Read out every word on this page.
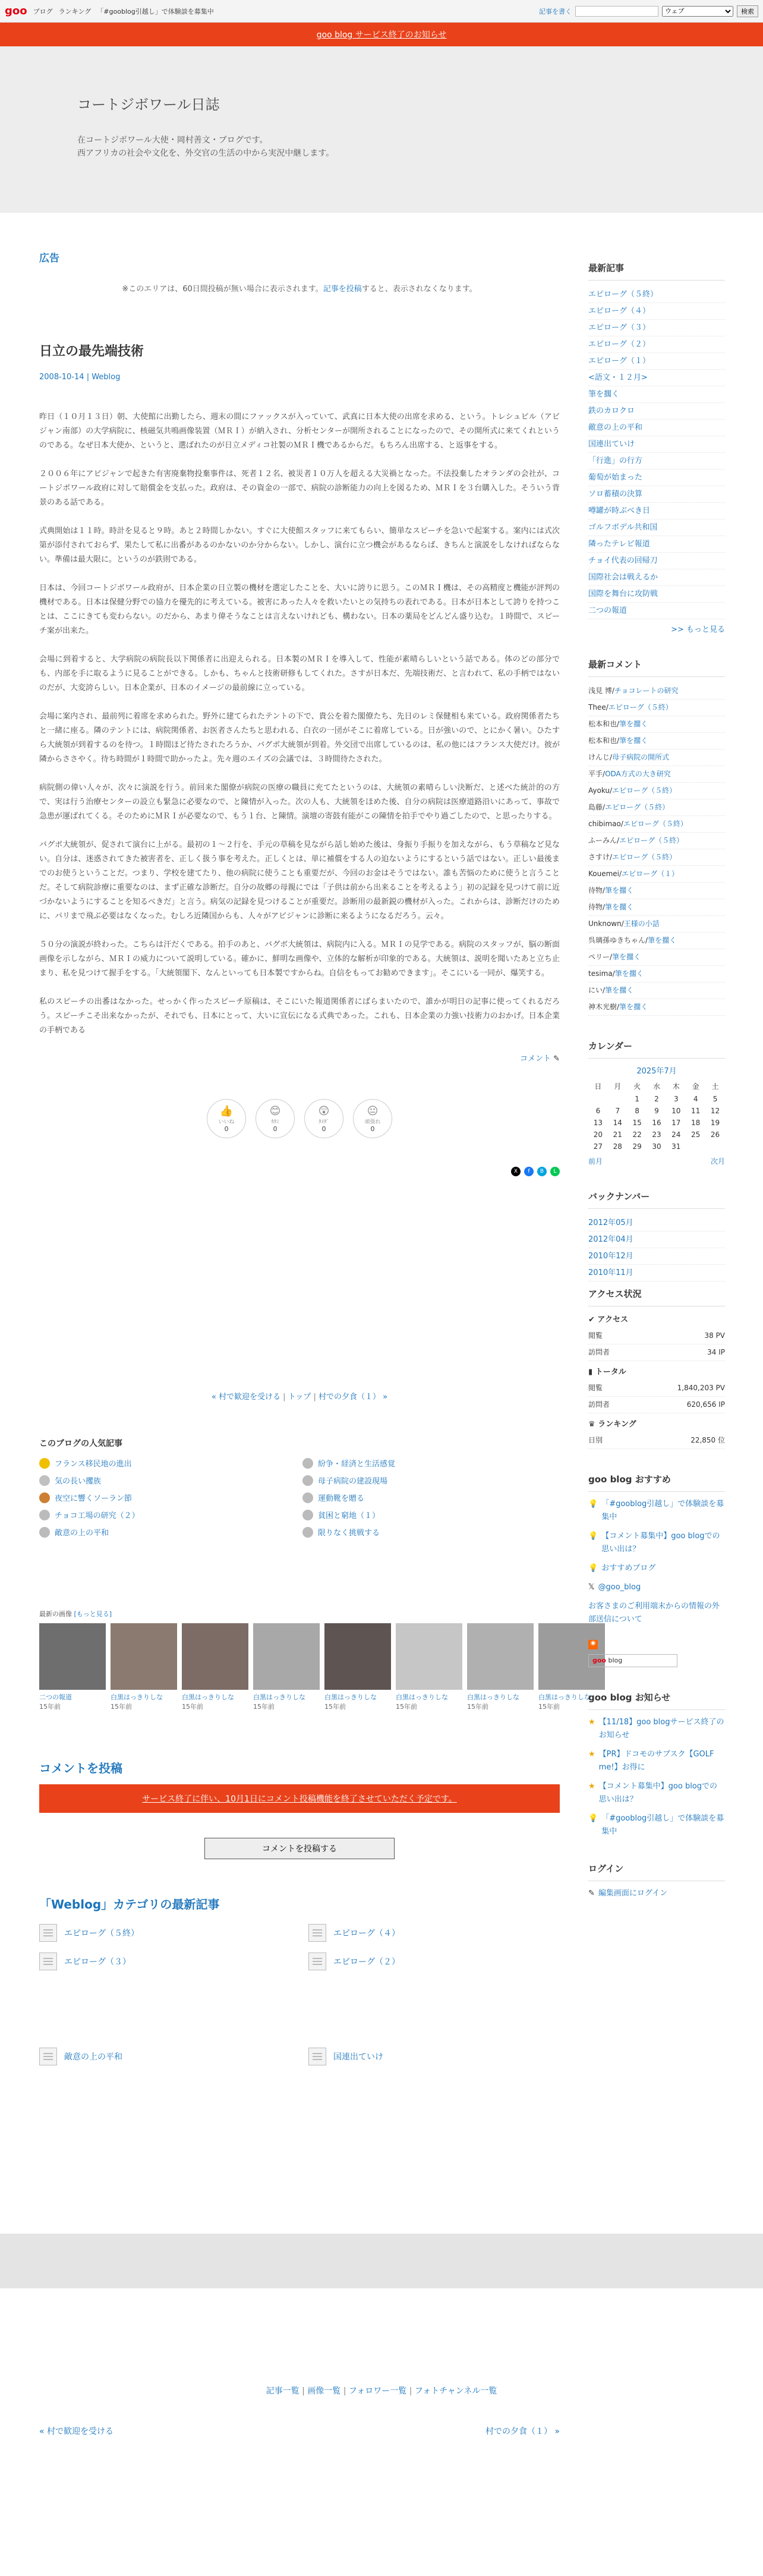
goo ブログ ランキング 「#gooblog引越し」で体験談を募集中	記事を書く
ウェブ	検索
goo blog サービス終了のお知らせ
コートジボワール日誌

在コートジボワール大使・岡村善文・ブログです。

西アフリカの社会や文化を、外交官の生活の中から実況中継します。

広告
※このエリアは、60日間投稿が無い場合に表示されます。記事を投稿すると、表示されなくなります。
日立の最先端技術
2008-10-14 | Weblog

昨日（１０月１３日）朝、大使館に出勤したら、週末の間にファックスが入っていて、武真に日本大使の出席を求める、という。トレシュビル（アビジャン南部）の大学病院に、核磁気共鳴画像装置（ＭＲＩ）が納入され、分析センターが開所されることになったので、その開所式に来てくれというのである。なぜ日本大使か、というと、選ばれたのが日立メディコ社製のＭＲＩ機であるからだ。もちろん出席する、と返事をする。

２００６年にアビジャンで起きた有害廃棄物投棄事件は、死者１２名、被災者１０万人を超える大災禍となった。不法投棄したオランダの会社が、コートジボワール政府に対して賠償金を支払った。政府は、その資金の一部で、病院の診断能力の向上を図るため、ＭＲＩを３台購入した。そういう背景のある話である。

式典開始は１１時。時計を見ると９時。あと２時間しかない。すぐに大使館スタッフに来てもらい、簡単なスピーチを急いで起案する。案内には式次第が添付されておらず、果たして私に出番があるのかないのか分からない。しかし、演台に立つ機会があるならば、きちんと演説をしなければならない。準備は最大限に。というのが鉄則である。

日本は、今回コートジボワール政府が、日本企業の日立製の機材を選定したことを、大いに誇りに思う。このＭＲＩ機は、その高精度と機能が評判の機材である。日本は保健分野での協力を優先的に考えている。被害にあった人々を救いたいとの気持ちの表れである。日本が日本として誇りを持つことは、ここにきても変わらない。のだから、あまり偉そうなことは言えないけれども、構わない。日本の薬局をどんどん盛り込む。１時間で、スピーチ案が出来た。

会場に到着すると、大学病院の病院長以下関係者に出迎えられる。日本製のＭＲＩを導入して、性能が素晴らしいという話である。体のどの部分でも、内部を手に取るように見ることができる。しかも、ちゃんと技術研修もしてくれた。さすが日本だ、先端技術だ、と言われて、私の手柄ではないのだが、大変誇らしい。日本企業が、日本のイメージの最前線に立っている。

会場に案内され、最前列に着席を求められた。野外に建てられたテントの下で、貴公を着た閣僚たち、先日のレミ保健相も来ている。政府関係者たちと一緒に座る。隣のテントには、病院関係者、お医者さんたちと思われる、白衣の一団がそこに着席している。日が強いので、とにかく暑い。ひたすら大統領が到着するのを待つ。１時間ほど待たされたろうか、バグボ大統領が到着。外交団で出席しているのは、私の他にはフランス大使だけ。彼が隣からささやく。待ち時間が１時間で助かったよ。先々週のエイズの会議では、３時間待たされた。

病院側の偉い人々が、次々に演説を行う。前回来た閣僚が病院の医療の職員に充てたというのは、大統領の素晴らしい決断だ、と述べた統計的の方で、実は行う治療センターの設立も緊急に必要なので、と陳情が入った。次の人も、大統領をほめた後、自分の病院は医療道路沿いにあって、事故で急患が運ばれてくる。そのためにＭＲＩが必要なので、もう１台、と陳情。演壇の寄鼓有能がこの陳情を拍手でやり過ごしたので、と思ったりする。

バグボ大統領が、促されて演台に上がる。最初の１～２行を、手元の草稿を見ながら話し始めた後は、身振り手振りを加えながら、もう草稿など見ない。自分は、迷惑されてきた被害者を、正しく扱う事を考えた。正しくとは、単に補償をする人の迫ないようにするという話ではない。正しい最後までのお使うということだ。つまり、学校を建てたり、他の病院に使うことも重要だが、今回のお金はそうではない。誰も苦悩のために使うと言うことだ。そして病院診療に重要なのは、まず正確な診断だ。自分の故郷の母親にでは「子供は前から出来ることを考えるよう」初の記録を見つけて前に近づかないようにすることを知るべきだ」と言う。病気の記録を見つけることが重要だ。診断用の最新鋭の機材が入った。これからは、診断だけのために、パリまで飛ぶ必要はなくなった。むしろ近隣国からも、人々がアビジャンに診断に来るようになるだろう。云々。

５０分の演説が終わった。こちらは汗だくである。拍手のあと、バグボ大統領は、病院内に入る。ＭＲＩの見学である。病院のスタッフが、脳の断面画像を示しながら、ＭＲＩの威力について説明している。確かに、鮮明な画像や、立体的な解析が印象的である。大統領は、説明を聞いたあと立ち止まり、私を見つけて握手をする。「大統領閣下、なんといっても日本製ですからね。自信をもってお勧めできます」。そこにいる一同が、爆笑する。

私のスピーチの出番はなかった。せっかく作ったスピーチ原稿は、そこにいた報道関係者にばらまいたので、誰かが明日の記事に使ってくれるだろう。スピーチこそ出来なかったが、それでも、日本にとって、大いに宣伝になる式典であった。これも、日本企業の力強い技術力のおかげ。日本企業の手柄である

コメント ✎
👍
いいね
0
😊
ｶﾀﾐ
0
😲
ﾀﾒﾀﾞ
0
😐
頑張れ
0
X	f	B	L
« 村で歓迎を受ける | トップ | 村での夕食（１） »
このブログの人気記事
フランス移民地の進出	紛争・経済と生活感覚
気の長い攫族	母子病院の建設現場
夜空に響くソーラン節	運動靴を贈る
チョコ工場の研究（２）	貧困と窮地（１）
敵意の上の平和	限りなく挑戦する
最新の画像 [もっと見る]
二つの報道
15年前
白黒はっきりしな
15年前
白黒はっきりしな
15年前
白黒はっきりしな
15年前
白黒はっきりしな
15年前
白黒はっきりしな
15年前
白黒はっきりしな
15年前
白黒はっきりしな
15年前
コメントを投稿
サービス終了に伴い、10月1日にコメント投稿機能を終了させていただく予定です。
コメントを投稿する
「Weblog」カテゴリの最新記事
エピローグ（５終）	エピローグ（４）
エピローグ（３）	エピローグ（２）
敵意の上の平和	国連出ていけ
記事一覧 | 画像一覧 | フォロワー一覧 | フォトチャンネル一覧
« 村で歓迎を受ける	村での夕食（１） »
最新記事
エピローグ（５終）
エピローグ（４）
エピローグ（３）
エピローグ（２）
エピローグ（１）
<語文・１２月>
筆を擱く
鉄のカロクロ
敵意の上の平和
国連出ていけ
「行進」の行方
葡萄が始まった
ソロ蓄積の決算
噂罐が時ぶべき日
ゴルフボデル共和国
隣ったテレビ報道
チョイ代表の回帰刀
国際社会は戦えるか
国際を舞台に攻防戦
二つの報道
>> もっと見る
最新コメント
浅見 博/チョコレートの研究
Thee/エピローグ（５終）
松本和也/筆を擱く
松本和也/筆を擱く
けんじ/母子病院の開所式
平手/ODA方式の大き研究
Ayoku/エピローグ（５終）
島藤/エピローグ（５終）
chibimao/エピローグ（５終）
ふーみん/エピローグ（５終）
さすけ/エピローグ（５終）
Kouemei/エピローグ（１）
待物/筆を擱く
待物/筆を擱く
Unknown/王様の小話
呉璃孫ゆきちゃん/筆を擱く
ペリー/筆を擱く
tesima/筆を擱く
にい/筆を擱く
神木光樹/筆を擱く
カレンダー
2025年7月
日	月	火	水	木	金	土
		1	2	3	4	5
6	7	8	9	10	11	12
13	14	15	16	17	18	19
20	21	22	23	24	25	26
27	28	29	30	31		
前月	次月
バックナンバー
2012年05月
2012年04月
2010年12月
2010年11月
アクセス状況
✔ アクセス
閲覧	38 PV
訪問者	34 IP
▮ トータル
閲覧	1,840,203 PV
訪問者	620,656 IP
♛ ランキング
日別	22,850 位
goo blog おすすめ
💡 「#gooblog引越し」で体験談を募集中
💡 【コメント募集中】goo blogでの思い出は？
💡 おすすめブログ
𝕏 @goo_blog
お客さまのご利用端末からの情報の外部送信について
◉
goo blog
goo blog お知らせ
★ 【11/18】goo blogサービス終了のお知らせ
★ 【PR】ドコモのサブスク【GOLF me!】お得に
★ 【コメント募集中】goo blogでの思い出は？
💡 「#gooblog引越し」で体験談を募集中
ログイン
✎ 編集画面にログイン
